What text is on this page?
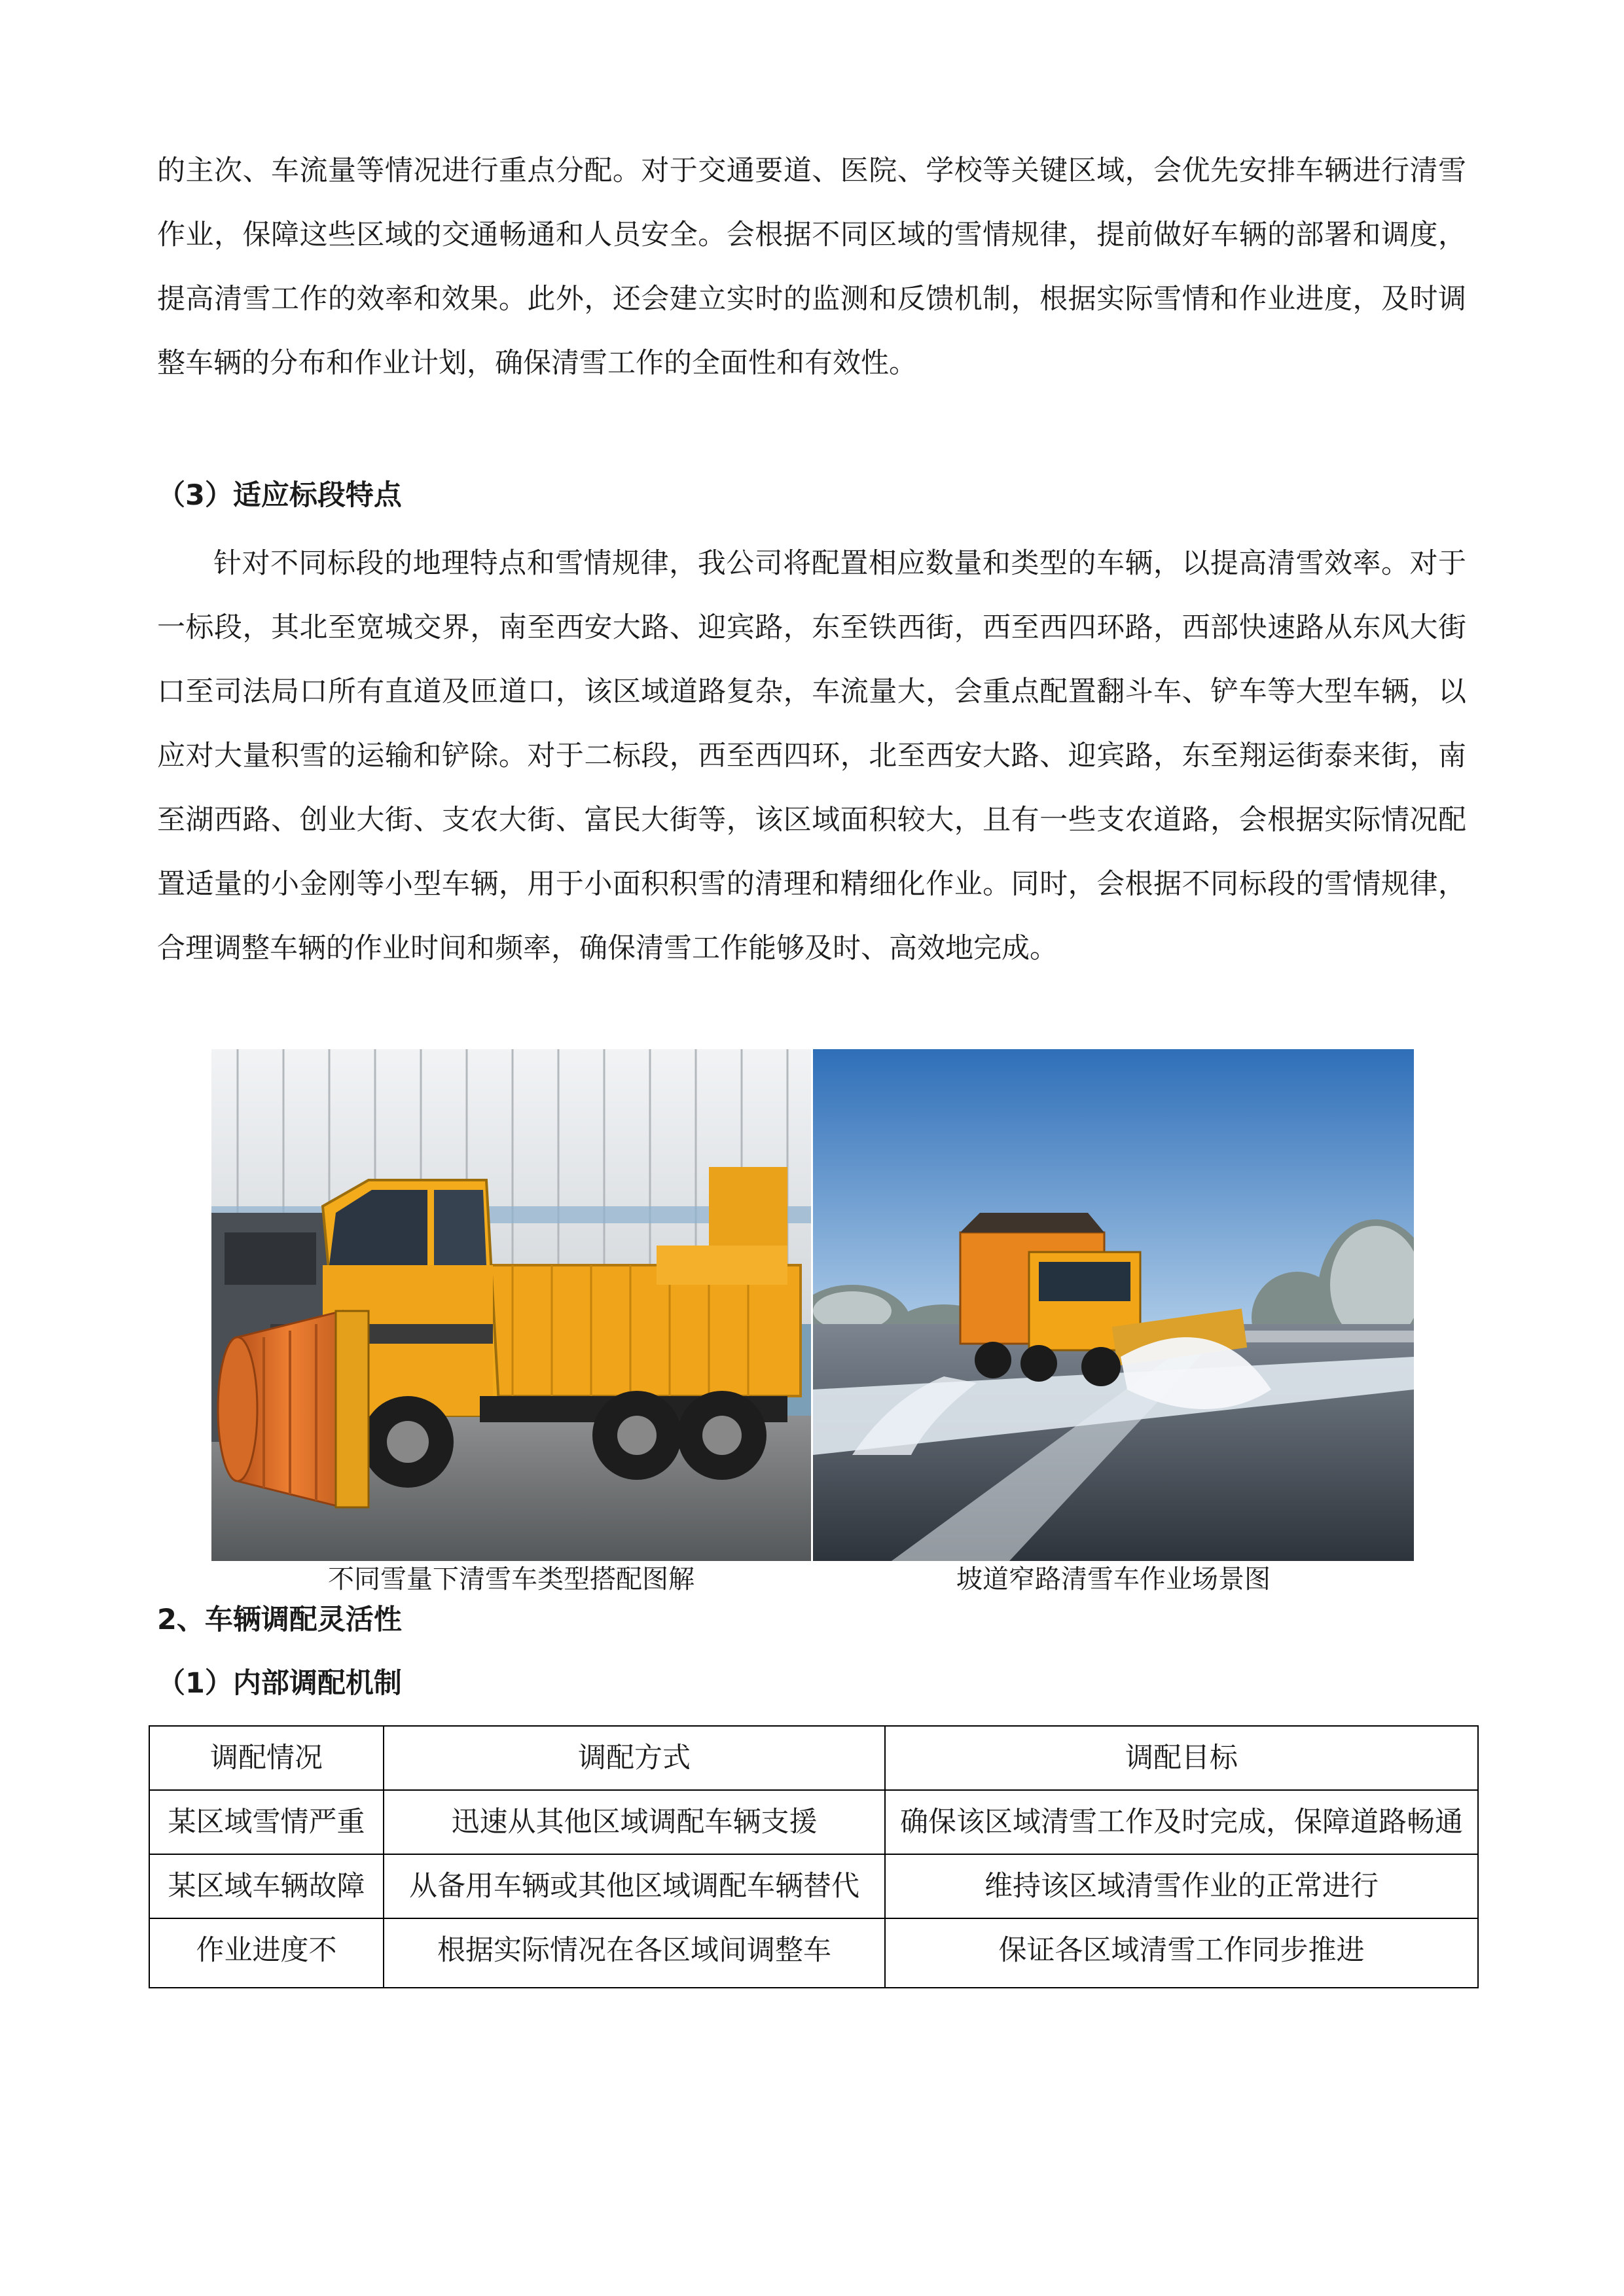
的主次、车流量等情况进行重点分配。对于交通要道、医院、学校等关键区域，会优先安排车辆进行清雪作业，保障这些区域的交通畅通和人员安全。会根据不同区域的雪情规律，提前做好车辆的部署和调度，提高清雪工作的效率和效果。此外，还会建立实时的监测和反馈机制，根据实际雪情和作业进度，及时调整车辆的分布和作业计划，确保清雪工作的全面性和有效性。

（3）适应标段特点

针对不同标段的地理特点和雪情规律，我公司将配置相应数量和类型的车辆，以提高清雪效率。对于一标段，其北至宽城交界，南至西安大路、迎宾路，东至铁西街，西至西四环路，西部快速路从东风大街口至司法局口所有直道及匝道口，该区域道路复杂，车流量大，会重点配置翻斗车、铲车等大型车辆，以应对大量积雪的运输和铲除。对于二标段，西至西四环，北至西安大路、迎宾路，东至翔运街泰来街，南至湖西路、创业大街、支农大街、富民大街等，该区域面积较大，且有一些支农道路，会根据实际情况配置适量的小金刚等小型车辆，用于小面积积雪的清理和精细化作业。同时，会根据不同标段的雪情规律，合理调整车辆的作业时间和频率，确保清雪工作能够及时、高效地完成。

不同雪量下清雪车类型搭配图解	坡道窄路清雪车作业场景图
2、车辆调配灵活性
（1）内部调配机制
调配情况	调配方式	调配目标
某区域雪情严重	迅速从其他区域调配车辆支援	确保该区域清雪工作及时完成，保障道路畅通
某区域车辆故障	从备用车辆或其他区域调配车辆替代	维持该区域清雪作业的正常进行
作业进度不	根据实际情况在各区域间调整车	保证各区域清雪工作同步推进
